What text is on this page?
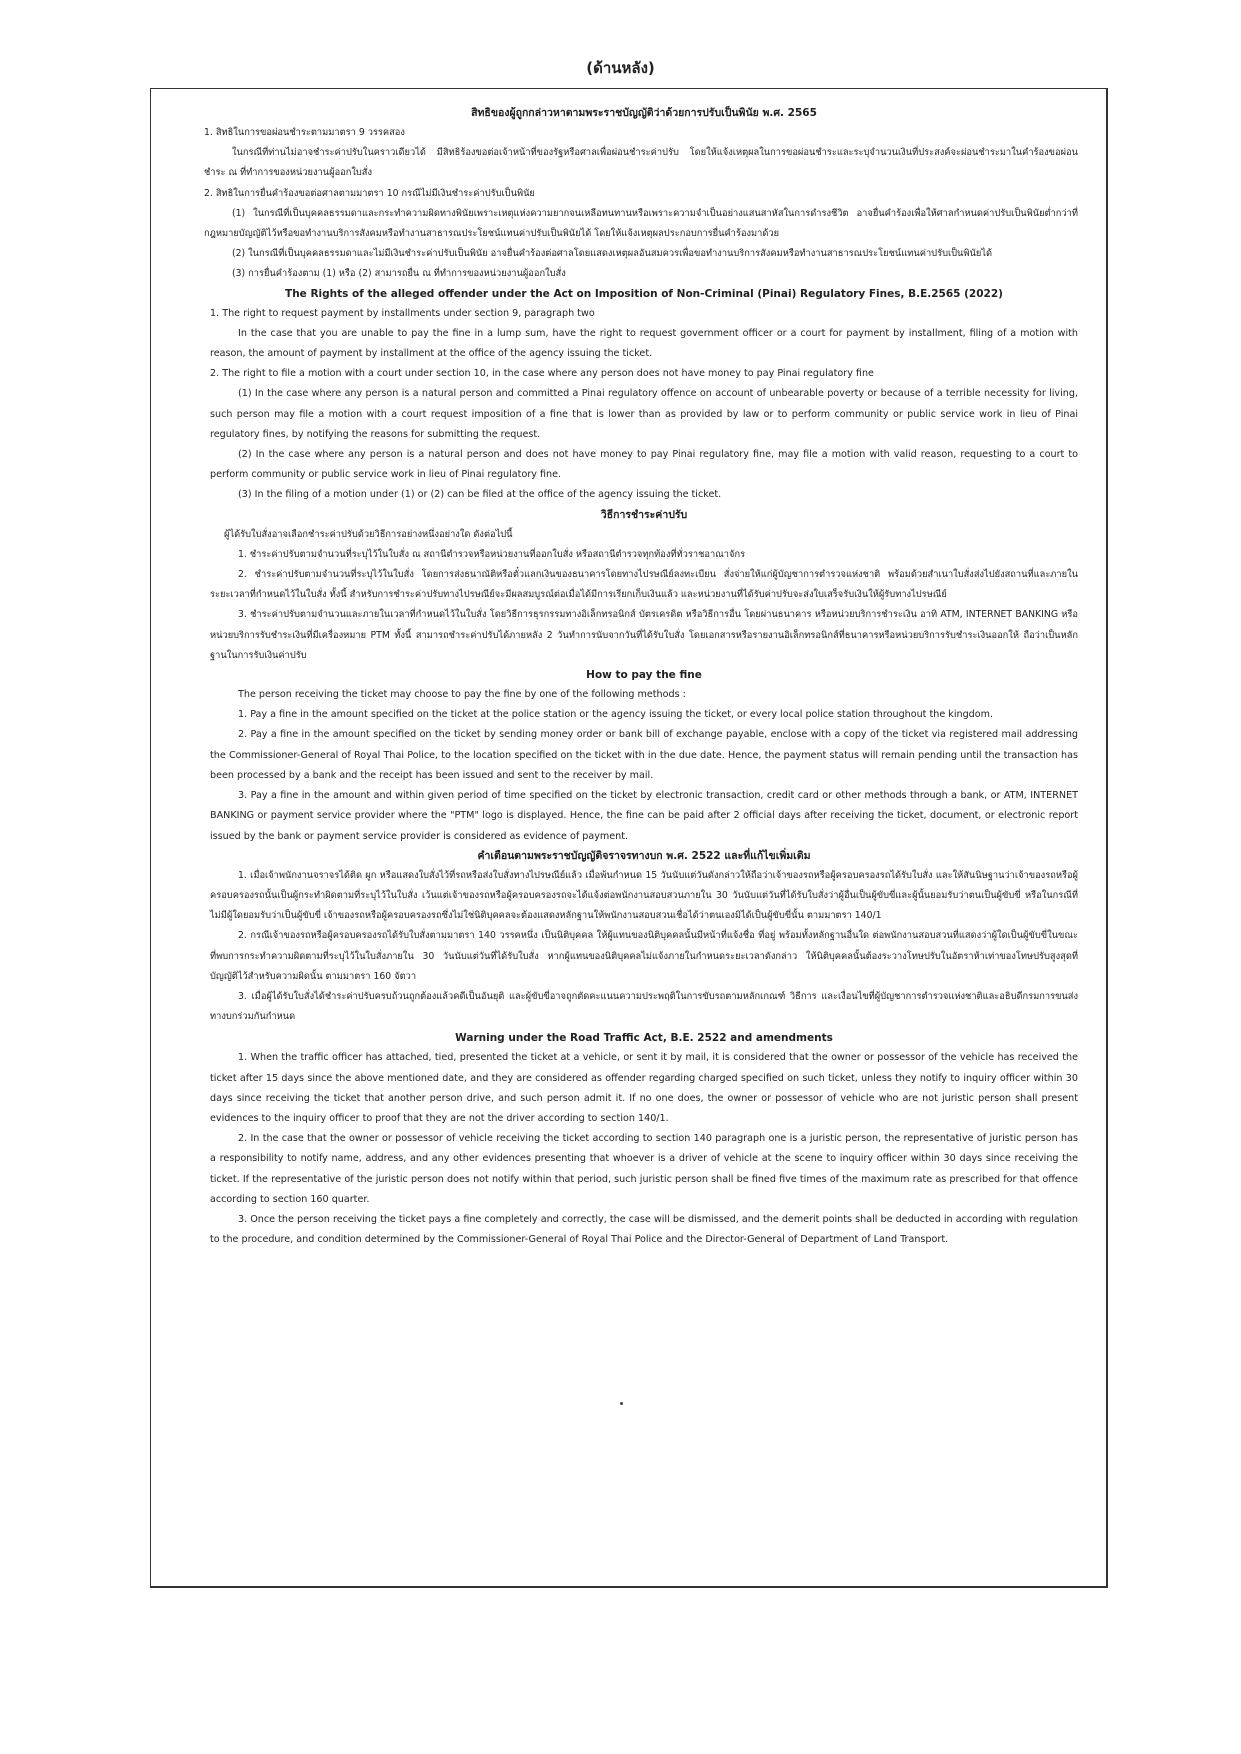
(ด้านหลัง)
สิทธิของผู้ถูกกล่าวหาตามพระราชบัญญัติว่าด้วยการปรับเป็นพินัย พ.ศ. 2565

1. สิทธิในการขอผ่อนชำระตามมาตรา 9 วรรคสอง

ในกรณีที่ท่านไม่อาจชำระค่าปรับในคราวเดียวได้ มีสิทธิร้องขอต่อเจ้าหน้าที่ของรัฐหรือศาลเพื่อผ่อนชำระค่าปรับ โดยให้แจ้งเหตุผลในการขอผ่อนชำระและระบุจำนวนเงินที่ประสงค์จะผ่อนชำระมาในคำร้องขอผ่อนชำระ ณ ที่ทำการของหน่วยงานผู้ออกใบสั่ง

2. สิทธิในการยื่นคำร้องขอต่อศาลตามมาตรา 10 กรณีไม่มีเงินชำระค่าปรับเป็นพินัย

(1) ในกรณีที่เป็นบุคคลธรรมดาและกระทำความผิดทางพินัยเพราะเหตุแห่งความยากจนเหลือทนทานหรือเพราะความจำเป็นอย่างแสนสาหัสในการดำรงชีวิต อาจยื่นคำร้องเพื่อให้ศาลกำหนดค่าปรับเป็นพินัยต่ำกว่าที่กฎหมายบัญญัติไว้หรือขอทำงานบริการสังคมหรือทำงานสาธารณประโยชน์แทนค่าปรับเป็นพินัยได้ โดยให้แจ้งเหตุผลประกอบการยื่นคำร้องมาด้วย

(2) ในกรณีที่เป็นบุคคลธรรมดาและไม่มีเงินชำระค่าปรับเป็นพินัย อาจยื่นคำร้องต่อศาลโดยแสดงเหตุผลอันสมควรเพื่อขอทำงานบริการสังคมหรือทำงานสาธารณประโยชน์แทนค่าปรับเป็นพินัยได้

(3) การยื่นคำร้องตาม (1) หรือ (2) สามารถยื่น ณ ที่ทำการของหน่วยงานผู้ออกใบสั่ง

The Rights of the alleged offender under the Act on Imposition of Non-Criminal (Pinai) Regulatory Fines, B.E.2565 (2022)

1. The right to request payment by installments under section 9, paragraph two

In the case that you are unable to pay the fine in a lump sum, have the right to request government officer or a court for payment by installment, filing of a motion with reason, the amount of payment by installment at the office of the agency issuing the ticket.

2. The right to file a motion with a court under section 10, in the case where any person does not have money to pay Pinai regulatory fine

(1) In the case where any person is a natural person and committed a Pinai regulatory offence on account of unbearable poverty or because of a terrible necessity for living, such person may file a motion with a court request imposition of a fine that is lower than as provided by law or to perform community or public service work in lieu of Pinai regulatory fines, by notifying the reasons for submitting the request.

(2) In the case where any person is a natural person and does not have money to pay Pinai regulatory fine, may file a motion with valid reason, requesting to a court to perform community or public service work in lieu of Pinai regulatory fine.

(3) In the filing of a motion under (1) or (2) can be filed at the office of the agency issuing the ticket.

วิธีการชำระค่าปรับ

ผู้ได้รับใบสั่งอาจเลือกชำระค่าปรับด้วยวิธีการอย่างหนึ่งอย่างใด ดังต่อไปนี้

1. ชำระค่าปรับตามจำนวนที่ระบุไว้ในใบสั่ง ณ สถานีตำรวจหรือหน่วยงานที่ออกใบสั่ง หรือสถานีตำรวจทุกท้องที่ทั่วราชอาณาจักร

2. ชำระค่าปรับตามจำนวนที่ระบุไว้ในใบสั่ง โดยการส่งธนาณัติหรือตั๋วแลกเงินของธนาคารโดยทางไปรษณีย์ลงทะเบียน สั่งจ่ายให้แก่ผู้บัญชาการตำรวจแห่งชาติ พร้อมด้วยสำเนาใบสั่งส่งไปยังสถานที่และภายในระยะเวลาที่กำหนดไว้ในใบสั่ง ทั้งนี้ สำหรับการชำระค่าปรับทางไปรษณีย์จะมีผลสมบูรณ์ต่อเมื่อได้มีการเรียกเก็บเงินแล้ว และหน่วยงานที่ได้รับค่าปรับจะส่งใบเสร็จรับเงินให้ผู้รับทางไปรษณีย์

3. ชำระค่าปรับตามจำนวนและภายในเวลาที่กำหนดไว้ในใบสั่ง โดยวิธีการธุรกรรมทางอิเล็กทรอนิกส์ บัตรเครดิต หรือวิธีการอื่น โดยผ่านธนาคาร หรือหน่วยบริการชำระเงิน อาทิ ATM, INTERNET BANKING หรือหน่วยบริการรับชำระเงินที่มีเครื่องหมาย PTM ทั้งนี้ สามารถชำระค่าปรับได้ภายหลัง 2 วันทำการนับจากวันที่ได้รับใบสั่ง โดยเอกสารหรือรายงานอิเล็กทรอนิกส์ที่ธนาคารหรือหน่วยบริการรับชำระเงินออกให้ ถือว่าเป็นหลักฐานในการรับเงินค่าปรับ

How to pay the fine

The person receiving the ticket may choose to pay the fine by one of the following methods :

1. Pay a fine in the amount specified on the ticket at the police station or the agency issuing the ticket, or every local police station throughout the kingdom.

2. Pay a fine in the amount specified on the ticket by sending money order or bank bill of exchange payable, enclose with a copy of the ticket via registered mail addressing the Commissioner-General of Royal Thai Police, to the location specified on the ticket with in the due date. Hence, the payment status will remain pending until the transaction has been processed by a bank and the receipt has been issued and sent to the receiver by mail.

3. Pay a fine in the amount and within given period of time specified on the ticket by electronic transaction, credit card or other methods through a bank, or ATM, INTERNET BANKING or payment service provider where the "PTM" logo is displayed. Hence, the fine can be paid after 2 official days after receiving the ticket, document, or electronic report issued by the bank or payment service provider is considered as evidence of payment.

คำเตือนตามพระราชบัญญัติจราจรทางบก พ.ศ. 2522 และที่แก้ไขเพิ่มเติม

1. เมื่อเจ้าพนักงานจราจรได้ติด ผูก หรือแสดงใบสั่งไว้ที่รถหรือส่งใบสั่งทางไปรษณีย์แล้ว เมื่อพ้นกำหนด 15 วันนับแต่วันดังกล่าวให้ถือว่าเจ้าของรถหรือผู้ครอบครองรถได้รับใบสั่ง และให้สันนิษฐานว่าเจ้าของรถหรือผู้ครอบครองรถนั้นเป็นผู้กระทำผิดตามที่ระบุไว้ในใบสั่ง เว้นแต่เจ้าของรถหรือผู้ครอบครองรถจะได้แจ้งต่อพนักงานสอบสวนภายใน 30 วันนับแต่วันที่ได้รับใบสั่งว่าผู้อื่นเป็นผู้ขับขี่และผู้นั้นยอมรับว่าตนเป็นผู้ขับขี่ หรือในกรณีที่ไม่มีผู้ใดยอมรับว่าเป็นผู้ขับขี่ เจ้าของรถหรือผู้ครอบครองรถซึ่งไม่ใช่นิติบุคคลจะต้องแสดงหลักฐานให้พนักงานสอบสวนเชื่อได้ว่าตนเองมิได้เป็นผู้ขับขี่นั้น ตามมาตรา 140/1

2. กรณีเจ้าของรถหรือผู้ครอบครองรถได้รับใบสั่งตามมาตรา 140 วรรคหนึ่ง เป็นนิติบุคคล ให้ผู้แทนของนิติบุคคลนั้นมีหน้าที่แจ้งชื่อ ที่อยู่ พร้อมทั้งหลักฐานอื่นใด ต่อพนักงานสอบสวนที่แสดงว่าผู้ใดเป็นผู้ขับขี่ในขณะที่พบการกระทำความผิดตามที่ระบุไว้ในใบสั่งภายใน 30 วันนับแต่วันที่ได้รับใบสั่ง หากผู้แทนของนิติบุคคลไม่แจ้งภายในกำหนดระยะเวลาดังกล่าว ให้นิติบุคคลนั้นต้องระวางโทษปรับในอัตราห้าเท่าของโทษปรับสูงสุดที่บัญญัติไว้สำหรับความผิดนั้น ตามมาตรา 160 จัตวา

3. เมื่อผู้ได้รับใบสั่งได้ชำระค่าปรับครบถ้วนถูกต้องแล้วคดีเป็นอันยุติ และผู้ขับขี่อาจถูกตัดคะแนนความประพฤติในการขับรถตามหลักเกณฑ์ วิธีการ และเงื่อนไขที่ผู้บัญชาการตำรวจแห่งชาติและอธิบดีกรมการขนส่งทางบกร่วมกันกำหนด

Warning under the Road Traffic Act, B.E. 2522 and amendments

1. When the traffic officer has attached, tied, presented the ticket at a vehicle, or sent it by mail, it is considered that the owner or possessor of the vehicle has received the ticket after 15 days since the above mentioned date, and they are considered as offender regarding charged specified on such ticket, unless they notify to inquiry officer within 30 days since receiving the ticket that another person drive, and such person admit it. If no one does, the owner or possessor of vehicle who are not juristic person shall present evidences to the inquiry officer to proof that they are not the driver according to section 140/1.

2. In the case that the owner or possessor of vehicle receiving the ticket according to section 140 paragraph one is a juristic person, the representative of juristic person has a responsibility to notify name, address, and any other evidences presenting that whoever is a driver of vehicle at the scene to inquiry officer within 30 days since receiving the ticket. If the representative of the juristic person does not notify within that period, such juristic person shall be fined five times of the maximum rate as prescribed for that offence according to section 160 quarter.

3. Once the person receiving the ticket pays a fine completely and correctly, the case will be dismissed, and the demerit points shall be deducted in according with regulation to the procedure, and condition determined by the Commissioner-General of Royal Thai Police and the Director-General of Department of Land Transport.
